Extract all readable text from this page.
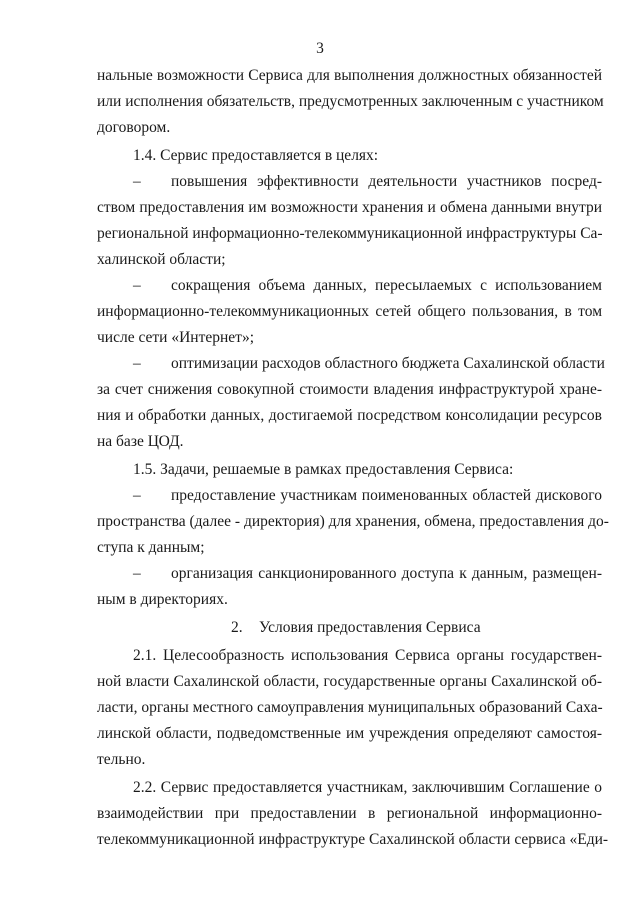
3
нальные возможности Сервиса для выполнения должностных обязанностей
или исполнения обязательств, предусмотренных заключенным с участником
договором.
1.4. Сервис предоставляется в целях:
– повышения эффективности деятельности участников посред-
ством предоставления им возможности хранения и обмена данными внутри
региональной информационно-телекоммуникационной инфраструктуры Са-
халинской области;
– сокращения объема данных, пересылаемых с использованием
информационно-телекоммуникационных сетей общего пользования, в том
числе сети «Интернет»;
– оптимизации расходов областного бюджета Сахалинской области
за счет снижения совокупной стоимости владения инфраструктурой хране-
ния и обработки данных, достигаемой посредством консолидации ресурсов
на базе ЦОД.
1.5. Задачи, решаемые в рамках предоставления Сервиса:
– предоставление участникам поименованных областей дискового
пространства (далее - директория) для хранения, обмена, предоставления до-
ступа к данным;
– организация санкционированного доступа к данным, размещен-
ным в директориях.
2. Условия предоставления Сервиса
2.1. Целесообразность использования Сервиса органы государствен-
ной власти Сахалинской области, государственные органы Сахалинской об-
ласти, органы местного самоуправления муниципальных образований Саха-
линской области, подведомственные им учреждения определяют самостоя-
тельно.
2.2. Сервис предоставляется участникам, заключившим Соглашение о
взаимодействии при предоставлении в региональной информационно-
телекоммуникационной инфраструктуре Сахалинской области сервиса «Еди-
